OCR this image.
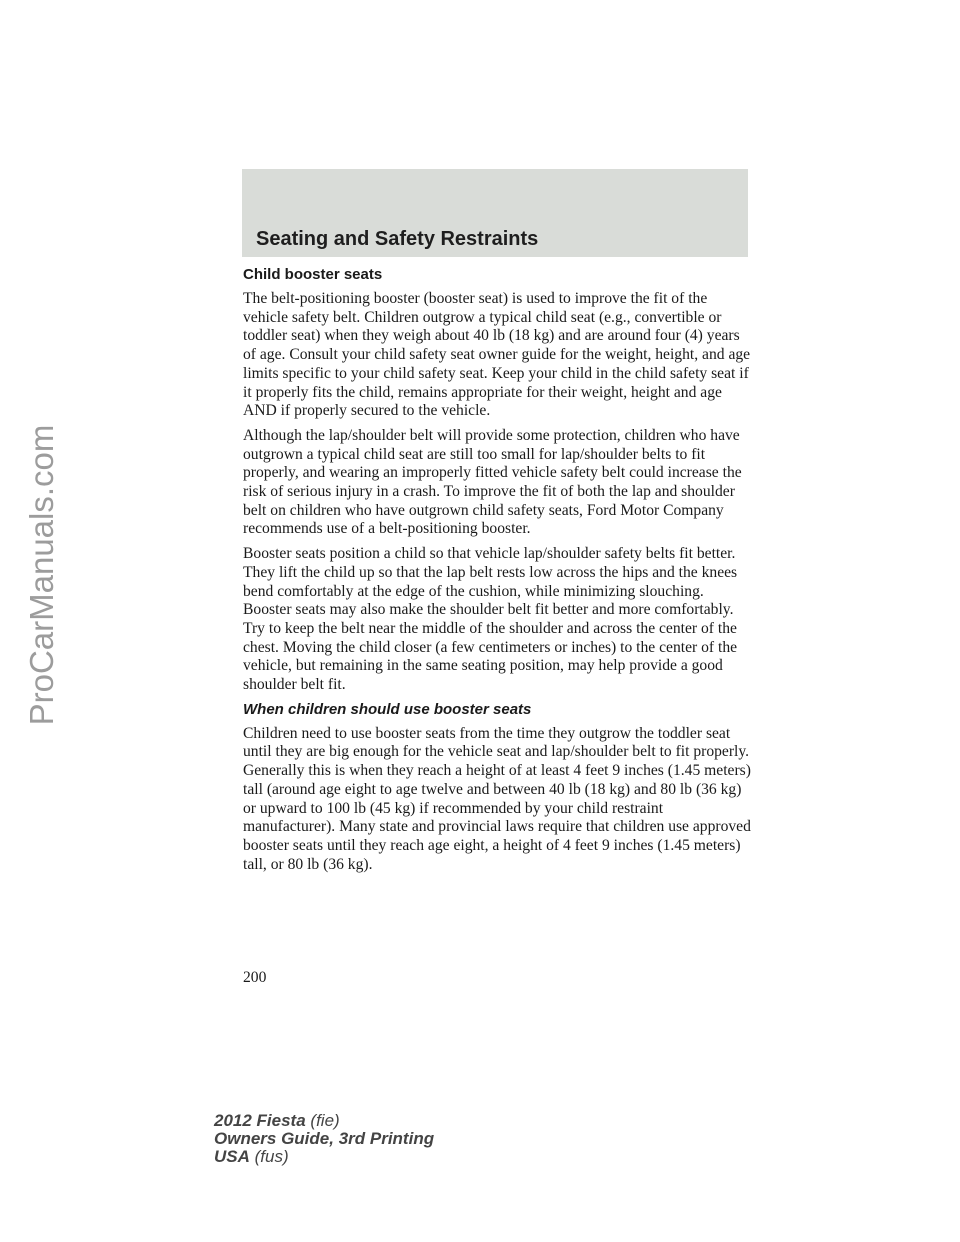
ProCarManuals.com
Seating and Safety Restraints
Child booster seats

The belt-positioning booster (booster seat) is used to improve the fit of the vehicle safety belt. Children outgrow a typical child seat (e.g., convertible or toddler seat) when they weigh about 40 lb (18 kg) and are around four (4) years of age. Consult your child safety seat owner guide for the weight, height, and age limits specific to your child safety seat. Keep your child in the child safety seat if it properly fits the child, remains appropriate for their weight, height and age AND if properly secured to the vehicle.

Although the lap/shoulder belt will provide some protection, children who have outgrown a typical child seat are still too small for lap/shoulder belts to fit properly, and wearing an improperly fitted vehicle safety belt could increase the risk of serious injury in a crash. To improve the fit of both the lap and shoulder belt on children who have outgrown child safety seats, Ford Motor Company recommends use of a belt-positioning booster.

Booster seats position a child so that vehicle lap/shoulder safety belts fit better. They lift the child up so that the lap belt rests low across the hips and the knees bend comfortably at the edge of the cushion, while minimizing slouching. Booster seats may also make the shoulder belt fit better and more comfortably. Try to keep the belt near the middle of the shoulder and across the center of the chest. Moving the child closer (a few centimeters or inches) to the center of the vehicle, but remaining in the same seating position, may help provide a good shoulder belt fit.

When children should use booster seats

Children need to use booster seats from the time they outgrow the toddler seat until they are big enough for the vehicle seat and lap/shoulder belt to fit properly. Generally this is when they reach a height of at least 4 feet 9 inches (1.45 meters) tall (around age eight to age twelve and between 40 lb (18 kg) and 80 lb (36 kg) or upward to 100 lb (45 kg) if recommended by your child restraint manufacturer). Many state and provincial laws require that children use approved booster seats until they reach age eight, a height of 4 feet 9 inches (1.45 meters) tall, or 80 lb (36 kg).

200

2012 Fiesta (fie)
Owners Guide, 3rd Printing
USA (fus)
